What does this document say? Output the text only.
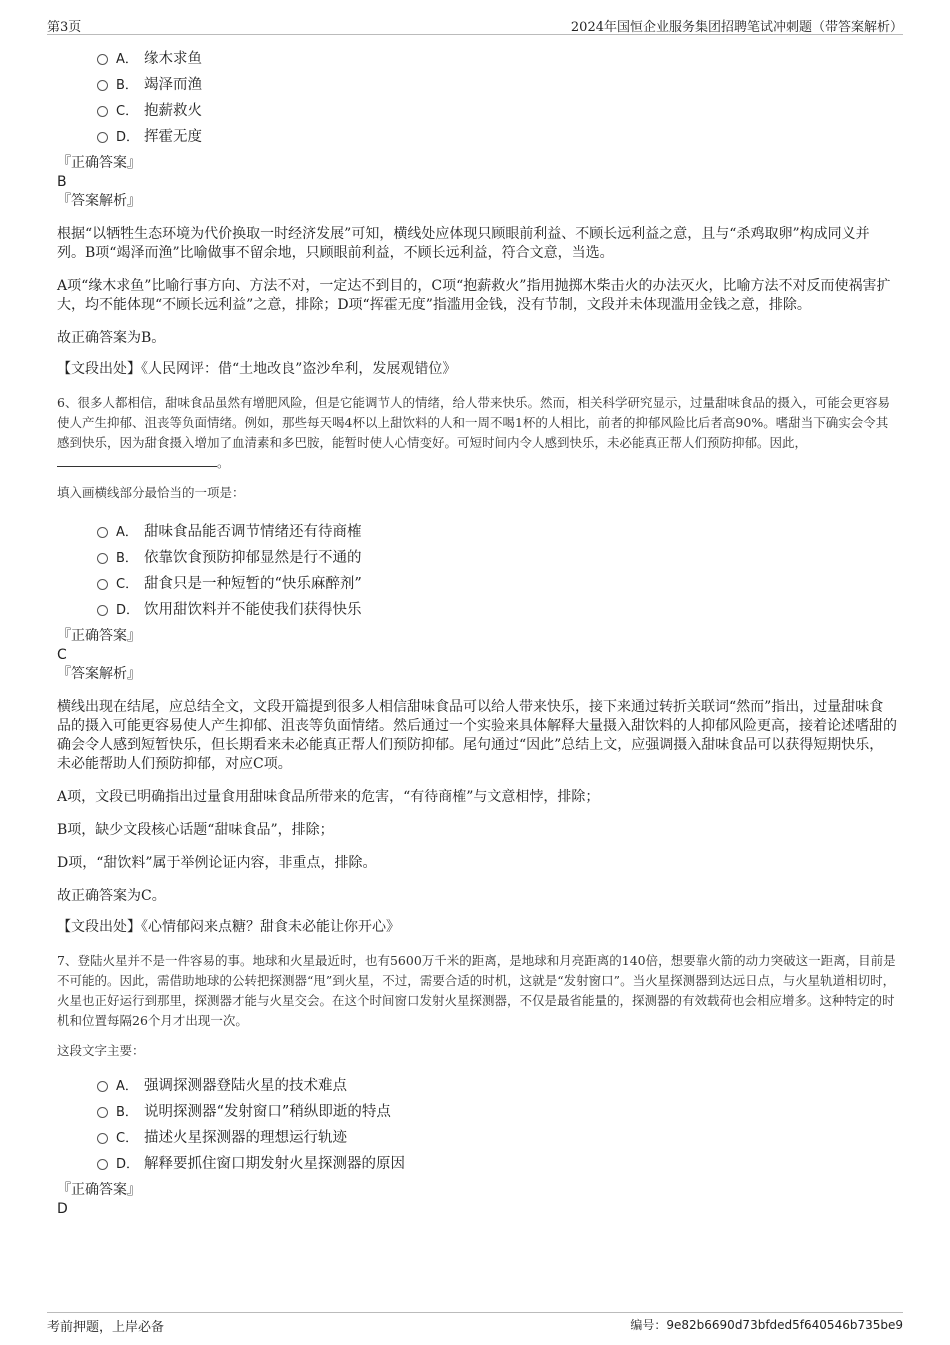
第3页	2024年国恒企业服务集团招聘笔试冲刺题（带答案解析）
A． 缘木求鱼
B． 竭泽而渔
C． 抱薪救火
D． 挥霍无度
『正确答案』
B
『答案解析』
根据“以牺牲生态环境为代价换取一时经济发展”可知，横线处应体现只顾眼前利益、不顾长远利益之意，且与“杀鸡取卵”构成同义并列。B项“竭泽而渔”比喻做事不留余地，只顾眼前利益，不顾长远利益，符合文意，当选。
A项“缘木求鱼”比喻行事方向、方法不对，一定达不到目的，C项“抱薪救火”指用抛掷木柴击火的办法灭火，比喻方法不对反而使祸害扩大，均不能体现“不顾长远利益”之意，排除；D项“挥霍无度”指滥用金钱，没有节制，文段并未体现滥用金钱之意，排除。
故正确答案为B。
【文段出处】《人民网评：借“土地改良”盗沙牟利，发展观错位》
6、很多人都相信，甜味食品虽然有增肥风险，但是它能调节人的情绪，给人带来快乐。然而，相关科学研究显示，过量甜味食品的摄入，可能会更容易使人产生抑郁、沮丧等负面情绪。例如，那些每天喝4杯以上甜饮料的人和一周不喝1杯的人相比，前者的抑郁风险比后者高90%。嗜甜当下确实会令其感到快乐，因为甜食摄入增加了血清素和多巴胺，能暂时使人心情变好。可短时间内令人感到快乐，未必能真正帮人们预防抑郁。因此，。
填入画横线部分最恰当的一项是：
A． 甜味食品能否调节情绪还有待商榷
B． 依靠饮食预防抑郁显然是行不通的
C． 甜食只是一种短暂的“快乐麻醉剂”
D． 饮用甜饮料并不能使我们获得快乐
『正确答案』
C
『答案解析』
横线出现在结尾，应总结全文，文段开篇提到很多人相信甜味食品可以给人带来快乐，接下来通过转折关联词“然而”指出，过量甜味食品的摄入可能更容易使人产生抑郁、沮丧等负面情绪。然后通过一个实验来具体解释大量摄入甜饮料的人抑郁风险更高，接着论述嗜甜的确会令人感到短暂快乐，但长期看来未必能真正帮人们预防抑郁。尾句通过“因此”总结上文，应强调摄入甜味食品可以获得短期快乐，未必能帮助人们预防抑郁，对应C项。
A项，文段已明确指出过量食用甜味食品所带来的危害，“有待商榷”与文意相悖，排除；
B项，缺少文段核心话题“甜味食品”，排除；
D项，“甜饮料”属于举例论证内容，非重点，排除。
故正确答案为C。
【文段出处】《心情郁闷来点糖？甜食未必能让你开心》
7、登陆火星并不是一件容易的事。地球和火星最近时，也有5600万千米的距离，是地球和月亮距离的140倍，想要靠火箭的动力突破这一距离，目前是不可能的。因此，需借助地球的公转把探测器“甩”到火星，不过，需要合适的时机，这就是“发射窗口”。当火星探测器到达远日点，与火星轨道相切时，火星也正好运行到那里，探测器才能与火星交会。在这个时间窗口发射火星探测器，不仅是最省能量的，探测器的有效载荷也会相应增多。这种特定的时机和位置每隔26个月才出现一次。
这段文字主要：
A． 强调探测器登陆火星的技术难点
B． 说明探测器“发射窗口”稍纵即逝的特点
C． 描述火星探测器的理想运行轨迹
D． 解释要抓住窗口期发射火星探测器的原因
『正确答案』
D
考前押题，上岸必备	编号：9e82b6690d73bfded5f640546b735be9
